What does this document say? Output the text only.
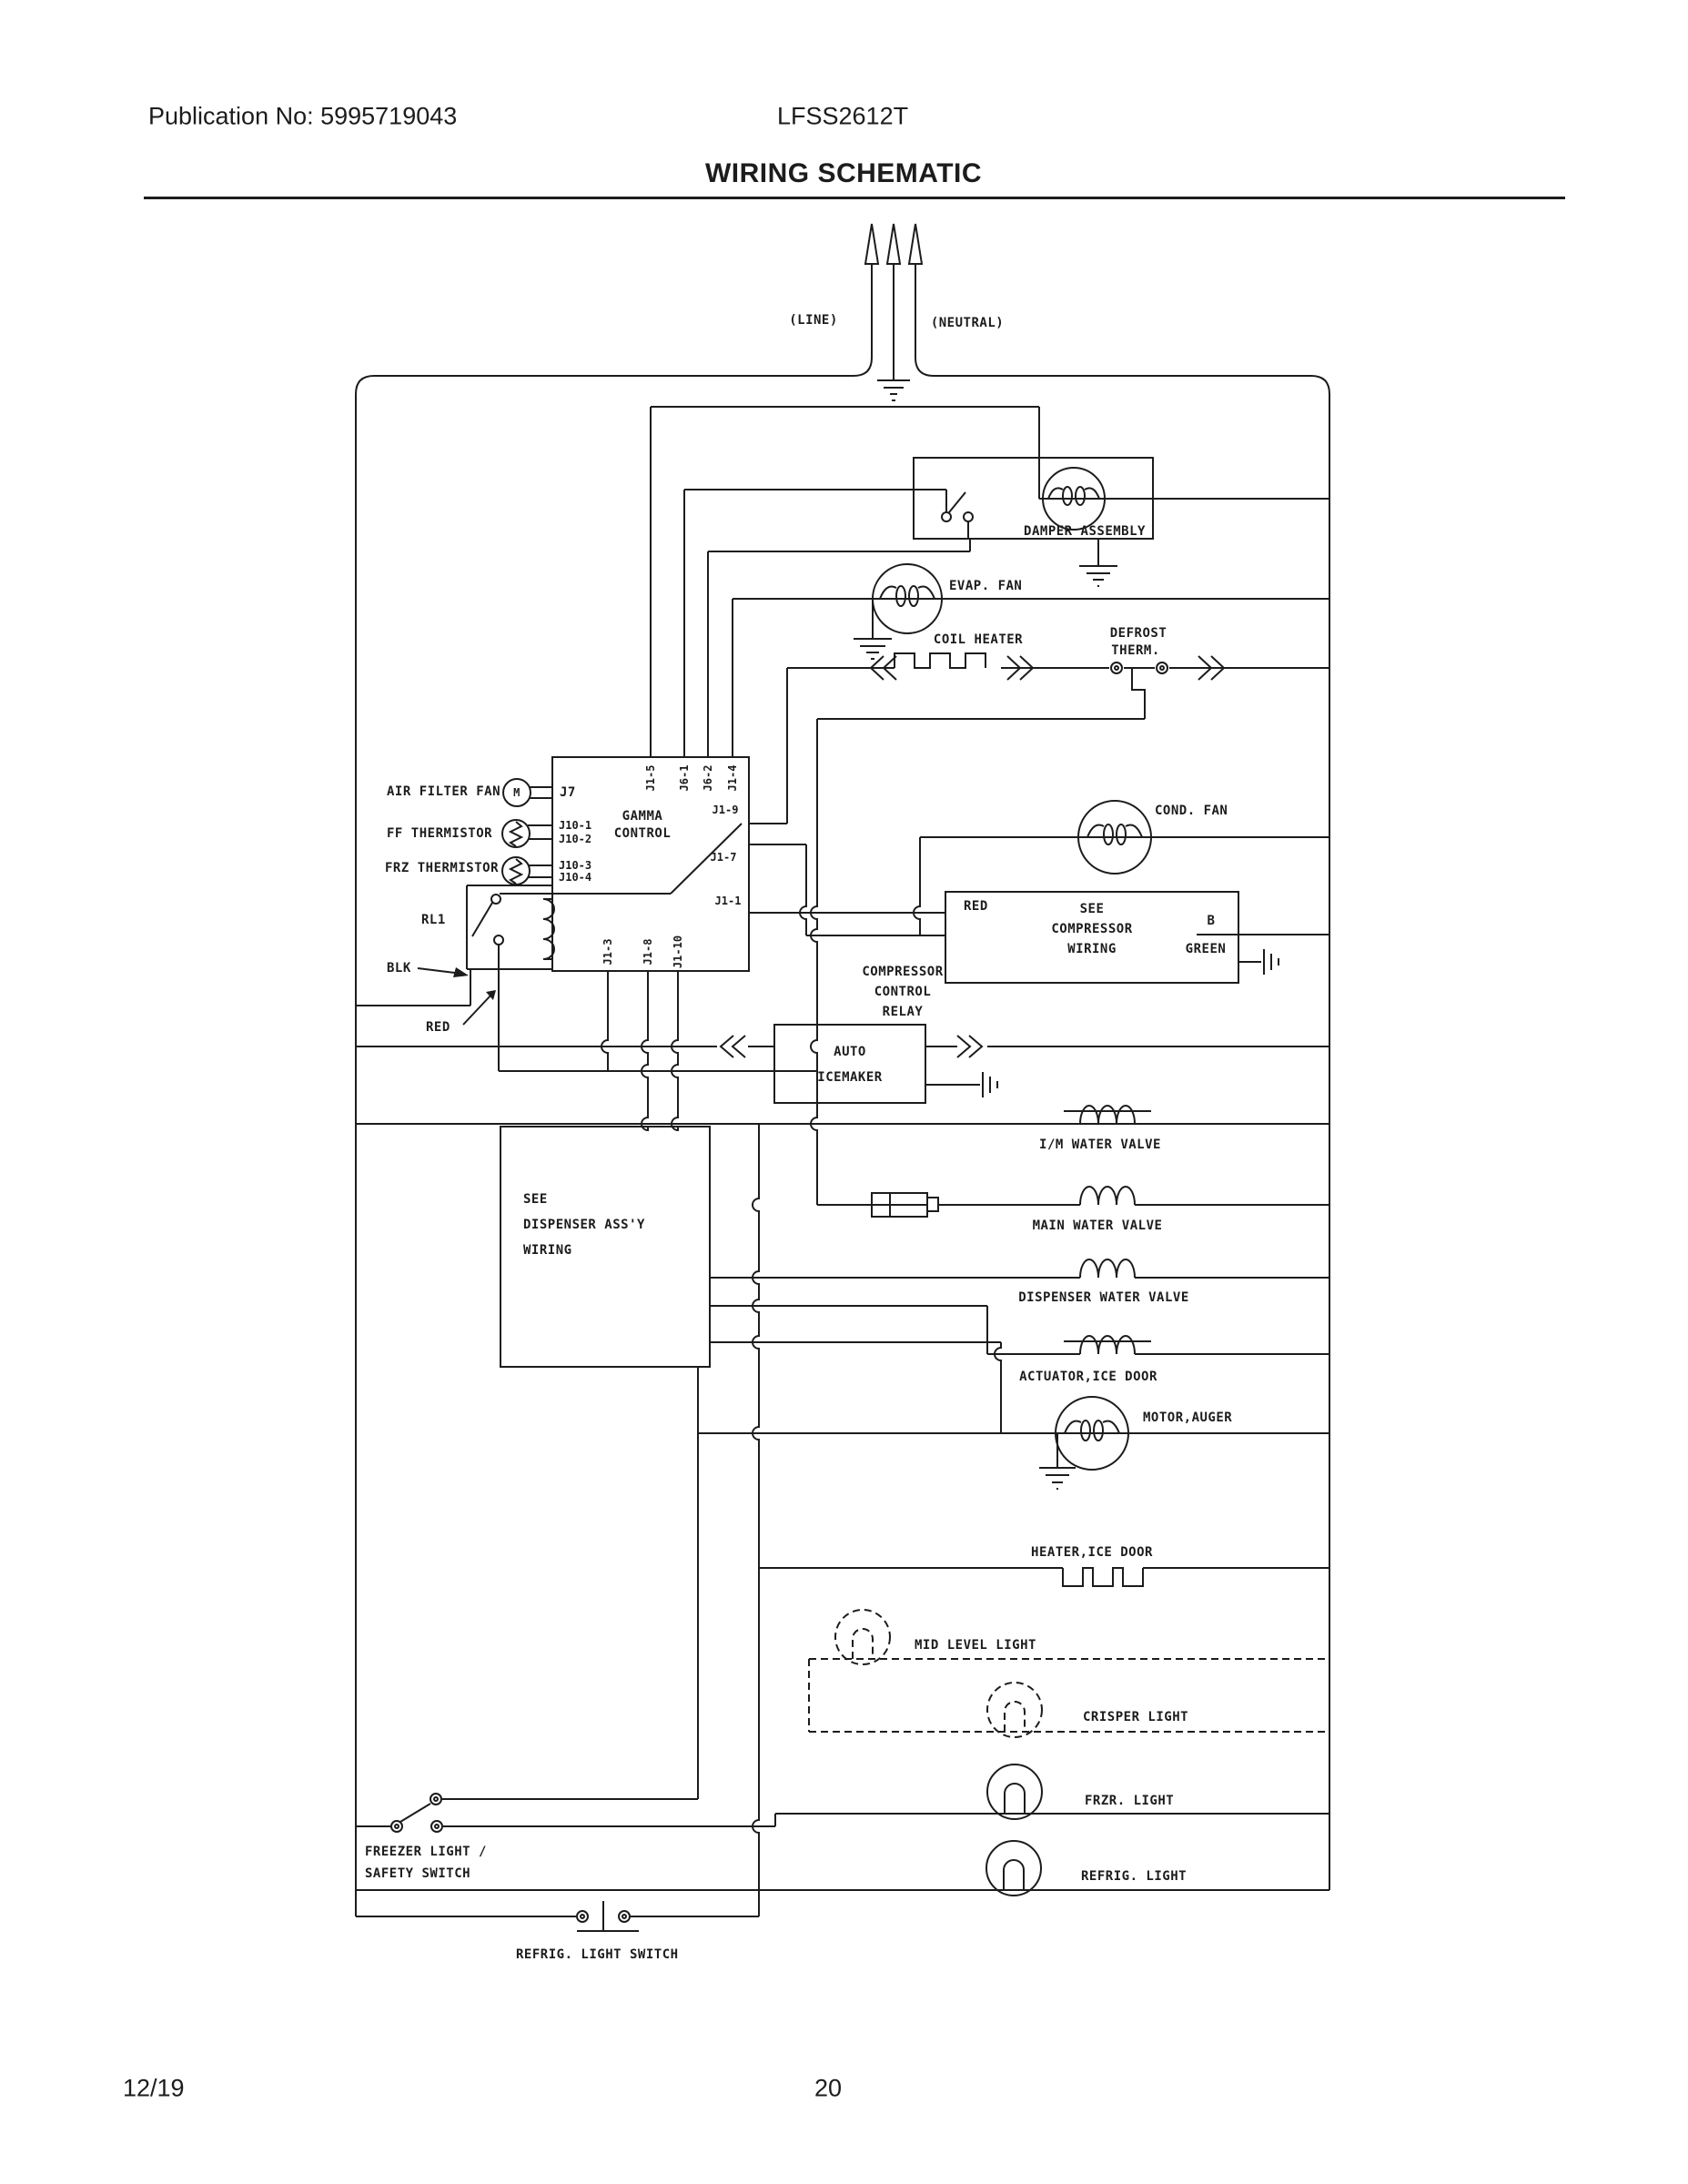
Publication No: 5995719043	LFSS2612T
WIRING SCHEMATIC
12/19	20
(LINE)	(NEUTRAL)
DAMPER ASSEMBLY
EVAP. FAN
COIL HEATER	DEFROST
THERM.
COND. FAN
AIR FILTER FAN M
FF THERMISTOR
FRZ THERMISTOR
GAMMA
CONTROL
J7
J10-1
J10-2
J10-3
J10-4
J1-5 J6-1 J6-2 J1-4
J1-9
J1-7
J1-1
J1-3	J1-8 J1-10
RL1
BLK
RED
COMPRESSOR
CONTROL
RELAY
SEE
COMPRESSOR
WIRING
RED
B
GREEN
AUTO
ICEMAKER
I/M WATER VALVE
MAIN WATER VALVE
DISPENSER WATER VALVE
ACTUATOR,ICE DOOR
MOTOR,AUGER
HEATER,ICE DOOR
SEE
DISPENSER ASS'Y
WIRING
MID LEVEL LIGHT
CRISPER LIGHT
FRZR. LIGHT
REFRIG. LIGHT
FREEZER LIGHT /
SAFETY SWITCH
REFRIG. LIGHT SWITCH
